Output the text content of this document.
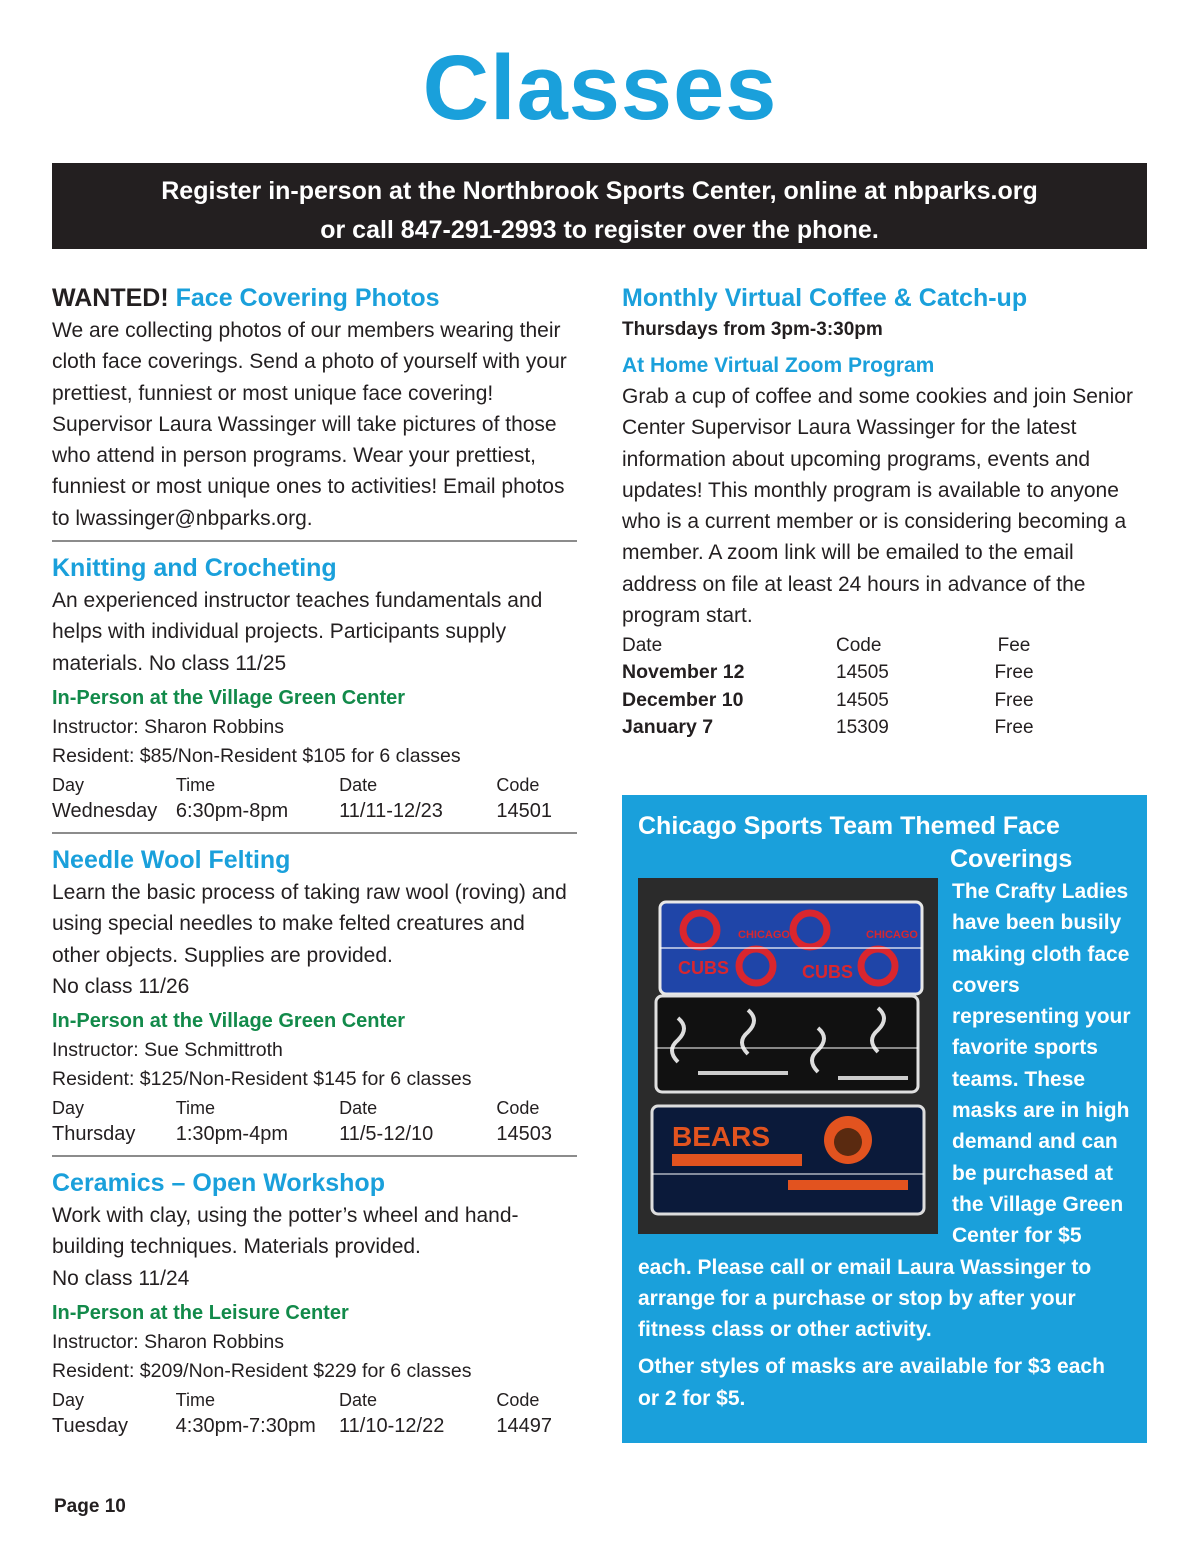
Classes
Register in-person at the Northbrook Sports Center, online at nbparks.org
or call 847-291-2993 to register over the phone.
WANTED! Face Covering Photos

We are collecting photos of our members wearing their cloth face coverings. Send a photo of yourself with your prettiest, funniest or most unique face covering! Supervisor Laura Wassinger will take pictures of those who attend in person programs. Wear your prettiest, funniest or most unique ones to activities! Email photos to lwassinger@nbparks.org.

Knitting and Crocheting

An experienced instructor teaches fundamentals and helps with individual projects. Participants supply materials. No class 11/25

In-Person at the Village Green Center
Instructor: Sharon Robbins
Resident: $85/Non-Resident $105 for 6 classes
Day	Time	Date	Code
Wednesday	6:30pm-8pm	11/11-12/23	14501
Needle Wool Felting

Learn the basic process of taking raw wool (roving) and using special needles to make felted creatures and other objects. Supplies are provided.

No class 11/26

In-Person at the Village Green Center
Instructor: Sue Schmittroth
Resident: $125/Non-Resident $145 for 6 classes
Day	Time	Date	Code
Thursday	1:30pm-4pm	11/5-12/10	14503
Ceramics – Open Workshop

Work with clay, using the potter’s wheel and hand-building techniques. Materials provided.

No class 11/24

In-Person at the Leisure Center
Instructor: Sharon Robbins
Resident: $209/Non-Resident $229 for 6 classes
Day	Time	Date	Code
Tuesday	4:30pm-7:30pm	11/10-12/22	14497
Monthly Virtual Coffee & Catch-up
Thursdays from 3pm-3:30pm
At Home Virtual Zoom Program

Grab a cup of coffee and some cookies and join Senior Center Supervisor Laura Wassinger for the latest information about upcoming programs, events and updates! This monthly program is available to anyone who is a current member or is considering becoming a member. A zoom link will be emailed to the email address on file at least 24 hours in advance of the program start.

Date	Code	Fee
November 12	14505	Free
December 10	14505	Free
January 7	15309	Free
Chicago Sports Team Themed Face
Coverings
CHICAGO	CHICAGO
CUBS	CUBS
BEARS

The Crafty Ladies have been busily making cloth face covers representing your favorite sports teams. These masks are in high demand and can be purchased at the Village Green Center for $5 each. Please call or email Laura Wassinger to arrange for a purchase or stop by after your fitness class or other activity.

Other styles of masks are available for $3 each or 2 for $5.

Page 10
